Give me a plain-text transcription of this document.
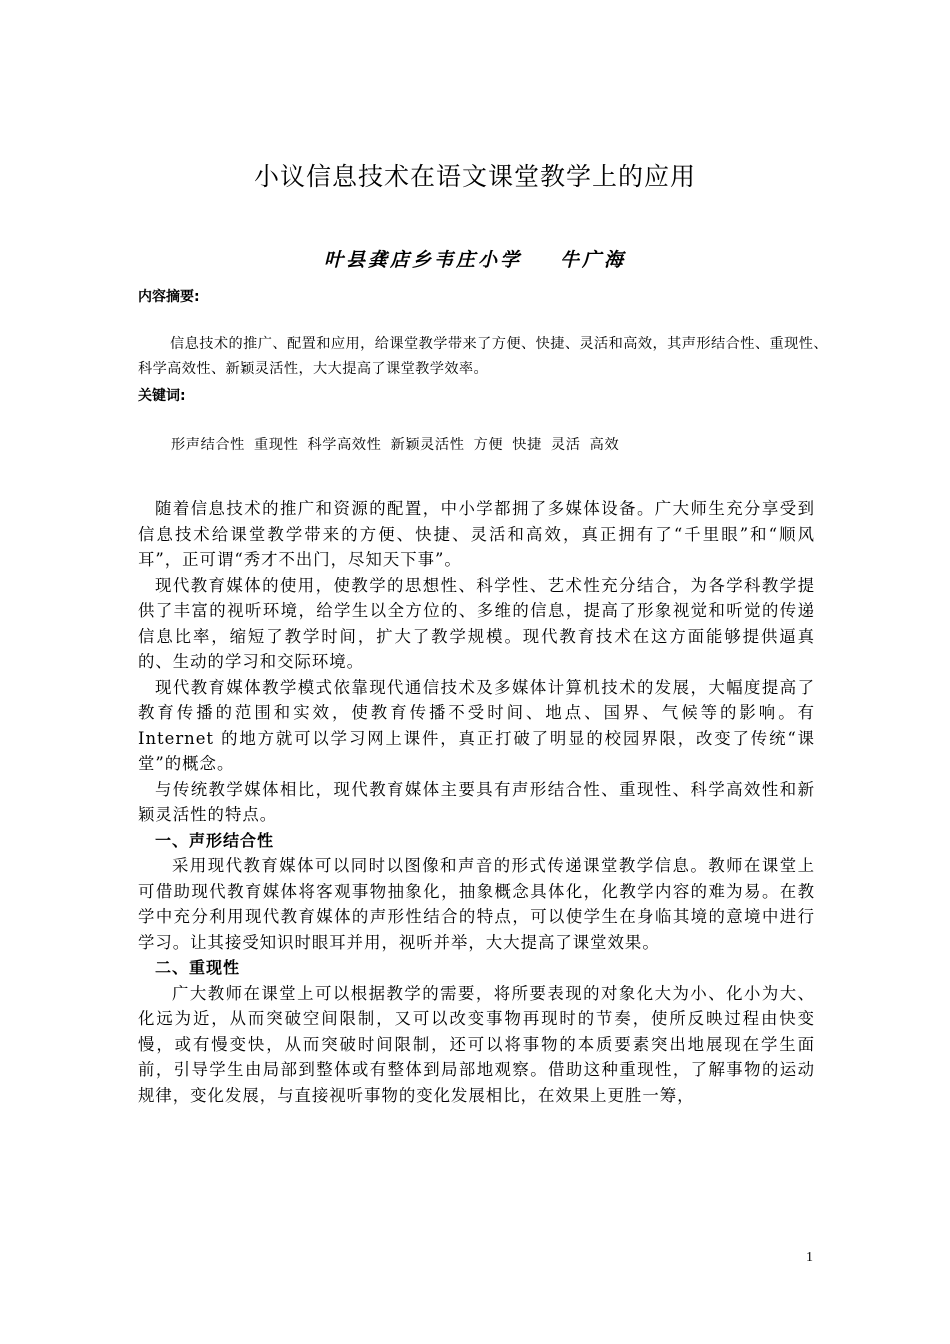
小议信息技术在语文课堂教学上的应用
叶县龚店乡韦庄小学 牛广海
内容摘要:
信息技术的推广、配置和应用，给课堂教学带来了方便、快捷、灵活和高效，其声形结合性、重现性、科学高效性、新颖灵活性，大大提高了课堂教学效率。
关键词:
形声结合性 重现性 科学高效性 新颖灵活性 方便 快捷 灵活 高效

随着信息技术的推广和资源的配置，中小学都拥了多媒体设备。广大师生充分享受到信息技术给课堂教学带来的方便、快捷、灵活和高效，真正拥有了“千里眼”和“顺风耳”，正可谓“秀才不出门，尽知天下事”。

现代教育媒体的使用，使教学的思想性、科学性、艺术性充分结合，为各学科教学提供了丰富的视听环境，给学生以全方位的、多维的信息，提高了形象视觉和听觉的传递信息比率，缩短了教学时间，扩大了教学规模。现代教育技术在这方面能够提供逼真的、生动的学习和交际环境。

现代教育媒体教学模式依靠现代通信技术及多媒体计算机技术的发展，大幅度提高了教育传播的范围和实效，使教育传播不受时间、地点、国界、气候等的影响。有 Internet 的地方就可以学习网上课件，真正打破了明显的校园界限，改变了传统“课堂”的概念。

与传统教学媒体相比，现代教育媒体主要具有声形结合性、重现性、科学高效性和新颖灵活性的特点。

一、声形结合性

采用现代教育媒体可以同时以图像和声音的形式传递课堂教学信息。教师在课堂上可借助现代教育媒体将客观事物抽象化，抽象概念具体化，化教学内容的难为易。在教学中充分利用现代教育媒体的声形性结合的特点，可以使学生在身临其境的意境中进行学习。让其接受知识时眼耳并用，视听并举，大大提高了课堂效果。

二、重现性

广大教师在课堂上可以根据教学的需要，将所要表现的对象化大为小、化小为大、化远为近，从而突破空间限制，又可以改变事物再现时的节奏，使所反映过程由快变慢，或有慢变快，从而突破时间限制，还可以将事物的本质要素突出地展现在学生面前，引导学生由局部到整体或有整体到局部地观察。借助这种重现性，了解事物的运动规律，变化发展，与直接视听事物的变化发展相比，在效果上更胜一筹，

1
